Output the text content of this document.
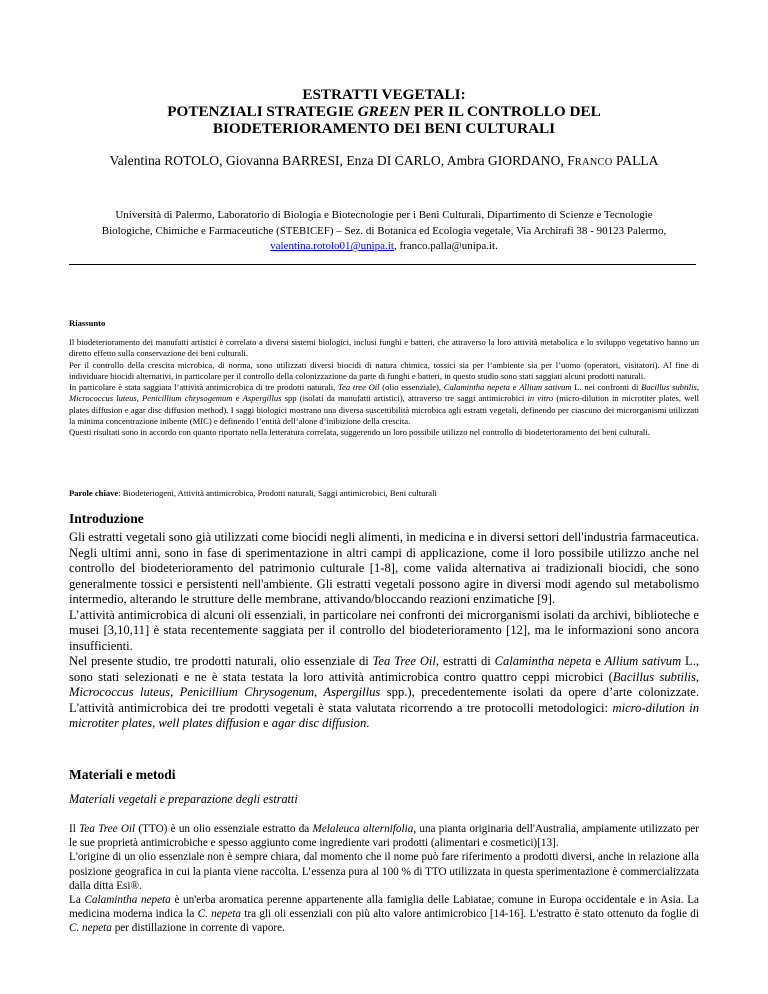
ESTRATTI VEGETALI:
POTENZIALI STRATEGIE GREEN PER IL CONTROLLO DEL
BIODETERIORAMENTO DEI BENI CULTURALI
Valentina ROTOLO, Giovanna BARRESI, Enza DI CARLO, Ambra GIORDANO, FRANCO PALLA
Università di Palermo, Laboratorio di Biologia e Biotecnologie per i Beni Culturali, Dipartimento di Scienze e Tecnologie
Biologiche, Chimiche e Farmaceutiche (STEBICEF) – Sez. di Botanica ed Ecologia vegetale, Via Archirafi 38 - 90123 Palermo,
valentina.rotolo01@unipa.it, franco.palla@unipa.it.
Riassunto

Il biodeterioramento dei manufatti artistici è correlato a diversi sistemi biologici, inclusi funghi e batteri, che attraverso la loro attività metabolica e lo sviluppo vegetativo hanno un diretto effetto sulla conservazione dei beni culturali.

Per il controllo della crescita microbica, di norma, sono utilizzati diversi biocidi di natura chimica, tossici sia per l’ambiente sia per l’uomo (operatori, visitatori). Al fine di individuare biocidi alternativi, in particolare per il controllo della colonizzazione da parte di funghi e batteri, in questo studio sono stati saggiati alcuni prodotti naturali.

In particolare è stata saggiata l’attività antimicrobica di tre prodotti naturali, Tea tree Oil (olio essenziale), Calamintha nepeta e Allium sativum L. nei confronti di Bacillus subtilis, Micrococcus luteus, Penicillium chrysogemum e Aspergillus spp (isolati da manufatti artistici), attraverso tre saggi antimicrobici in vitro (micro-dilution in microtiter plates, well plates diffusion e agar disc diffusion method). I saggi biologici mostrano una diversa suscettibilità microbica agli estratti vegetali, definendo per ciascuno dei microrganismi utilizzati la minima concentrazione inibente (MIC) e definendo l’entità dell’alone d’inibizione della crescita.

Questi risultati sono in accordo con quanto riportato nella letteratura correlata, suggerendo un loro possibile utilizzo nel controllo di biodeterioramento dei beni culturali.

Parole chiave: Biodeteriogeni, Attività antimicrobica, Prodotti naturali, Saggi antimicrobici, Beni culturali
Introduzione

Gli estratti vegetali sono già utilizzati come biocidi negli alimenti, in medicina e in diversi settori dell'industria farmaceutica. Negli ultimi anni, sono in fase di sperimentazione in altri campi di applicazione, come il loro possibile utilizzo anche nel controllo del biodeterioramento del patrimonio culturale [1-8], come valida alternativa ai tradizionali biocidi, che sono generalmente tossici e persistenti nell'ambiente. Gli estratti vegetali possono agire in diversi modi agendo sul metabolismo intermedio, alterando le strutture delle membrane, attivando/bloccando reazioni enzimatiche [9].

L’attività antimicrobica di alcuni oli essenziali, in particolare nei confronti dei microrganismi isolati da archivi, biblioteche e musei [3,10,11] è stata recentemente saggiata per il controllo del biodeterioramento [12], ma le informazioni sono ancora insufficienti.

Nel presente studio, tre prodotti naturali, olio essenziale di Tea Tree Oil, estratti di Calamintha nepeta e Allium sativum L., sono stati selezionati e ne è stata testata la loro attività antimicrobica contro quattro ceppi microbici (Bacillus subtilis, Micrococcus luteus, Penicillium Chrysogenum, Aspergillus spp.), precedentemente isolati da opere d’arte colonizzate. L'attività antimicrobica dei tre prodotti vegetali è stata valutata ricorrendo a tre protocolli metodologici: micro-dilution in microtiter plates, well plates diffusion e agar disc diffusion.

Materiali e metodi
Materiali vegetali e preparazione degli estratti

Il Tea Tree Oil (TTO) è un olio essenziale estratto da Melaleuca alternifolia, una pianta originaria dell'Australia, ampiamente utilizzato per le sue proprietà antimicrobiche e spesso aggiunto come ingrediente vari prodotti (alimentari e cosmetici)[13].

L'origine di un olio essenziale non è sempre chiara, dal momento che il nome può fare riferimento a prodotti diversi, anche in relazione alla posizione geografica in cui la pianta viene raccolta. L’essenza pura al 100 % di TTO utilizzata in questa sperimentazione è commercializzata dalla ditta Esi®.

La Calamintha nepeta è un'erba aromatica perenne appartenente alla famiglia delle Labiatae, comune in Europa occidentale e in Asia. La medicina moderna indica la C. nepeta tra gli oli essenziali con più alto valore antimicrobico [14-16]. L'estratto è stato ottenuto da foglie di C. nepeta per distillazione in corrente di vapore.
